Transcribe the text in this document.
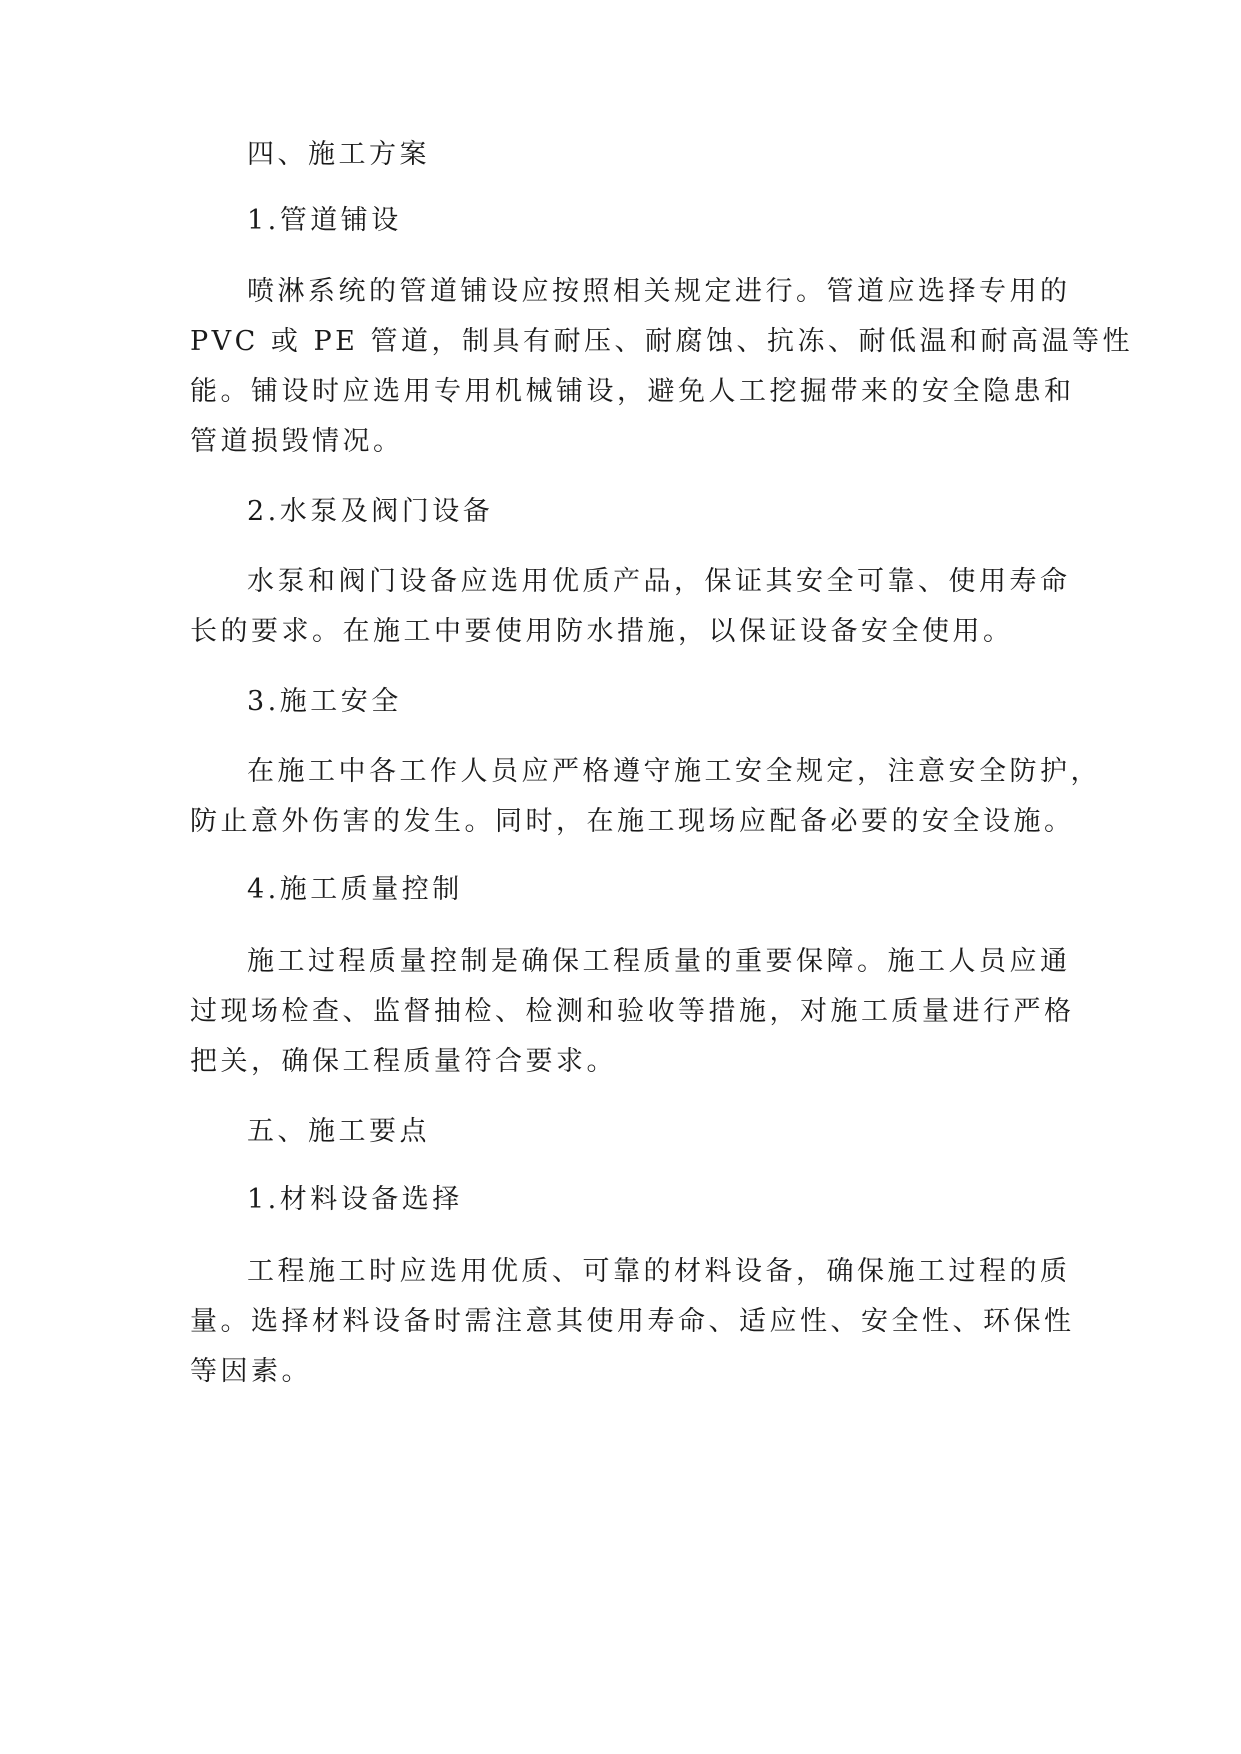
四、施工方案
1.管道铺设
喷淋系统的管道铺设应按照相关规定进行。管道应选择专用的
PVC 或 PE 管道，制具有耐压、耐腐蚀、抗冻、耐低温和耐高温等性
能。铺设时应选用专用机械铺设，避免人工挖掘带来的安全隐患和
管道损毁情况。
2.水泵及阀门设备
水泵和阀门设备应选用优质产品，保证其安全可靠、使用寿命
长的要求。在施工中要使用防水措施，以保证设备安全使用。
3.施工安全
在施工中各工作人员应严格遵守施工安全规定，注意安全防护，
防止意外伤害的发生。同时，在施工现场应配备必要的安全设施。
4.施工质量控制
施工过程质量控制是确保工程质量的重要保障。施工人员应通
过现场检查、监督抽检、检测和验收等措施，对施工质量进行严格
把关，确保工程质量符合要求。
五、施工要点
1.材料设备选择
工程施工时应选用优质、可靠的材料设备，确保施工过程的质
量。选择材料设备时需注意其使用寿命、适应性、安全性、环保性
等因素。
